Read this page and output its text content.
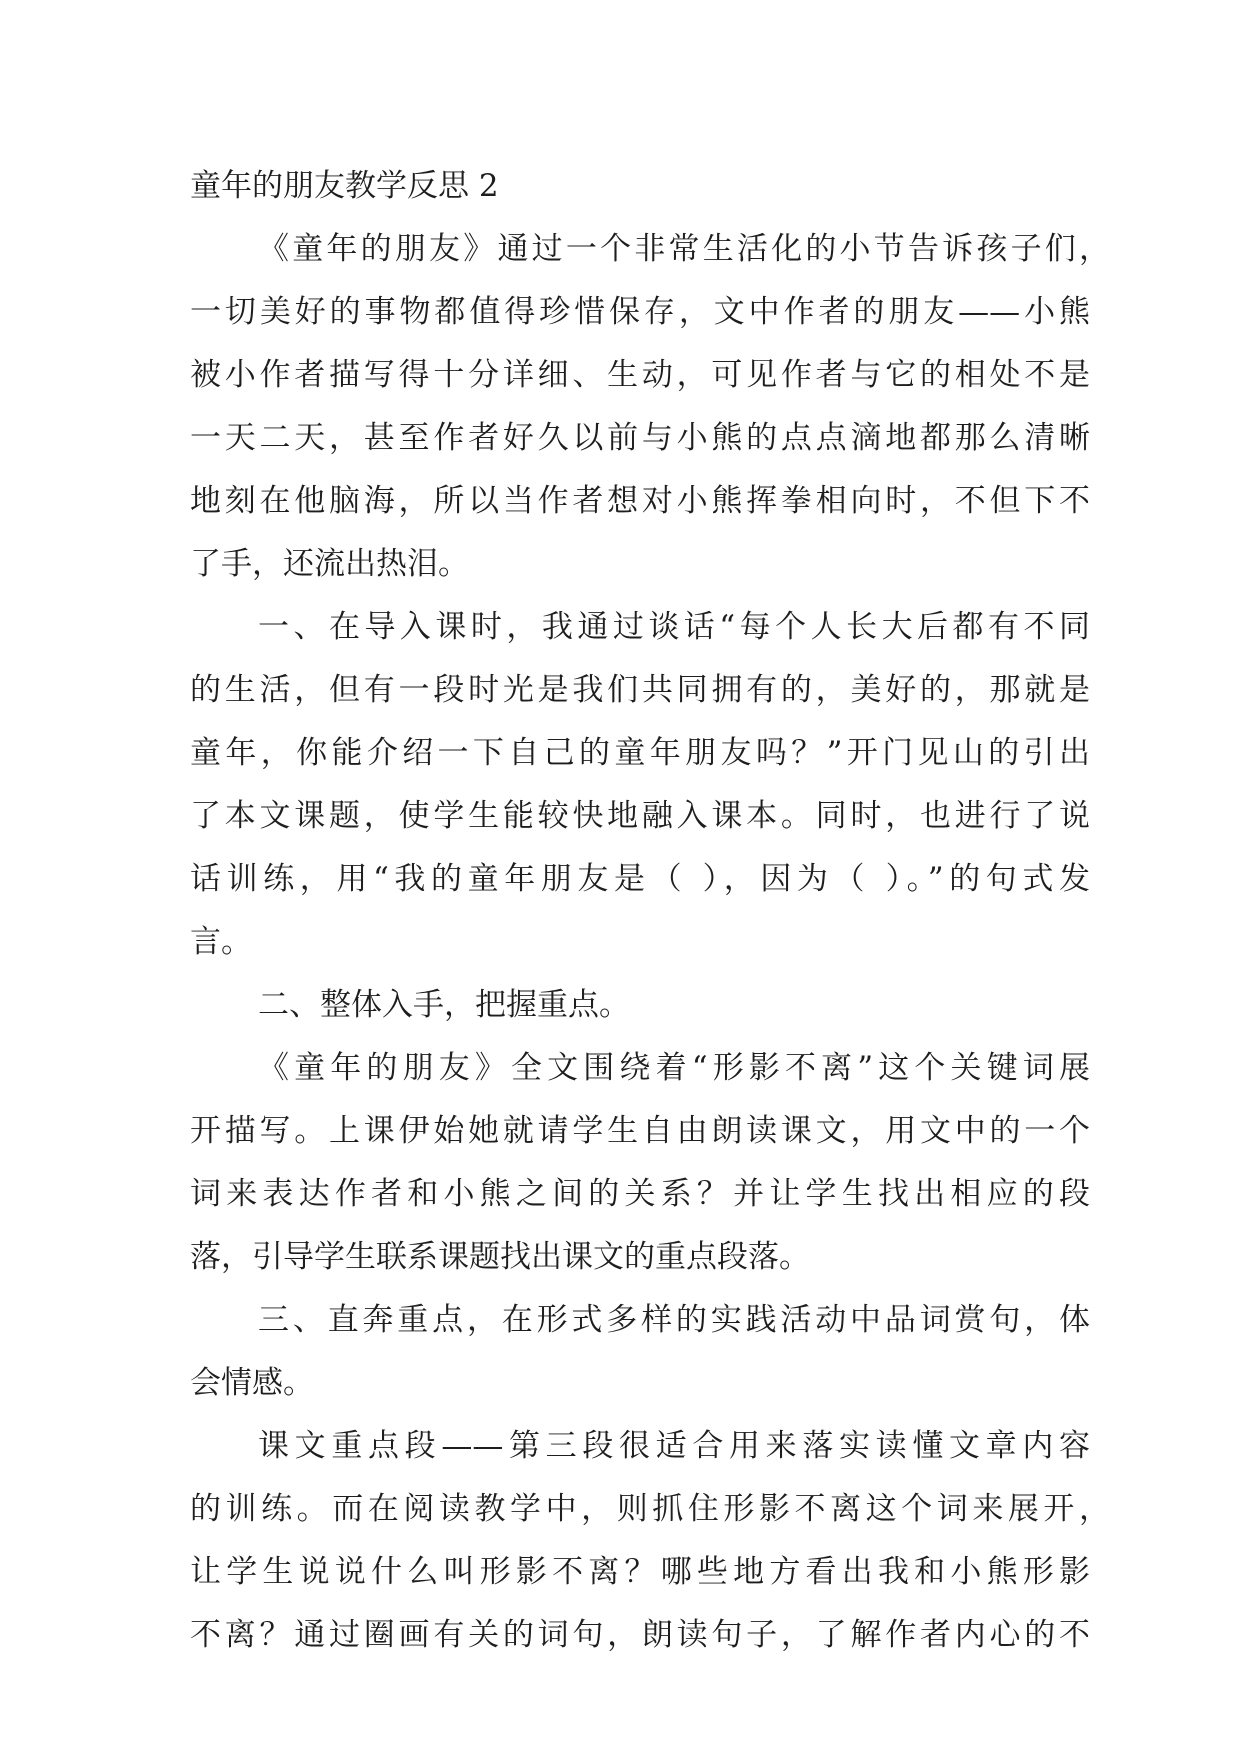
童年的朋友教学反思 2
《童年的朋友》通过一个非常生活化的小节告诉孩子们，
一切美好的事物都值得珍惜保存，文中作者的朋友——小熊
被小作者描写得十分详细、生动，可见作者与它的相处不是
一天二天，甚至作者好久以前与小熊的点点滴地都那么清晰
地刻在他脑海，所以当作者想对小熊挥拳相向时，不但下不
了手，还流出热泪。
一、在导入课时，我通过谈话“每个人长大后都有不同
的生活，但有一段时光是我们共同拥有的，美好的，那就是
童年，你能介绍一下自己的童年朋友吗？”开门见山的引出
了本文课题，使学生能较快地融入课本。同时，也进行了说
话训练，用“我的童年朋友是（ ），因为（ ）。”的句式发
言。
二、整体入手，把握重点。
《童年的朋友》全文围绕着“形影不离”这个关键词展
开描写。上课伊始她就请学生自由朗读课文，用文中的一个
词来表达作者和小熊之间的关系？并让学生找出相应的段
落，引导学生联系课题找出课文的重点段落。
三、直奔重点，在形式多样的实践活动中品词赏句，体
会情感。
课文重点段——第三段很适合用来落实读懂文章内容
的训练。而在阅读教学中，则抓住形影不离这个词来展开，
让学生说说什么叫形影不离？哪些地方看出我和小熊形影
不离？通过圈画有关的词句，朗读句子，了解作者内心的不
